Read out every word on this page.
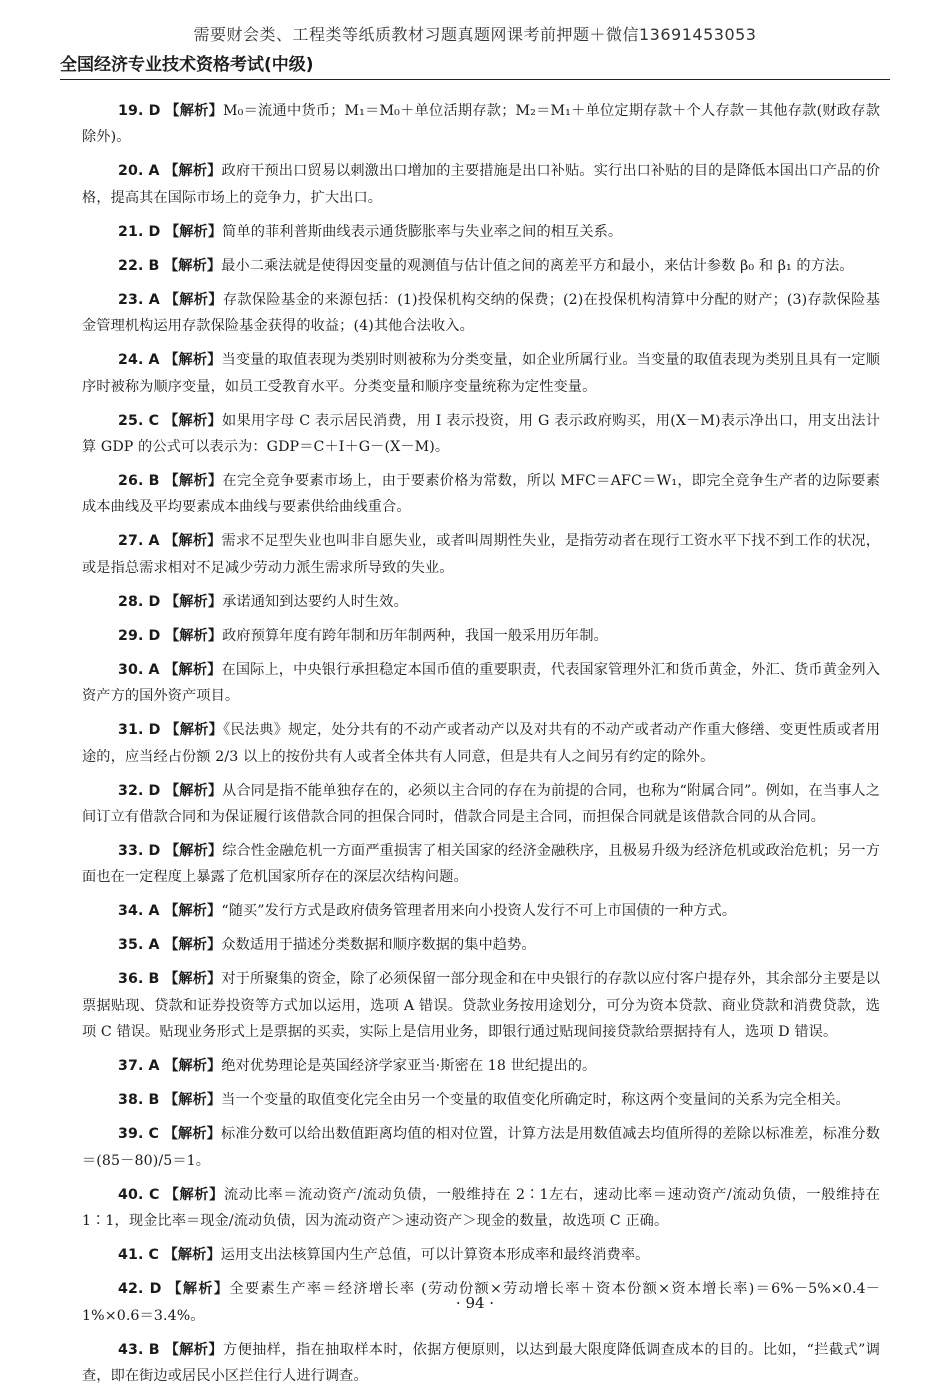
需要财会类、工程类等纸质教材习题真题网课考前押题＋微信13691453053
全国经济专业技术资格考试(中级)

19. D 【解析】M₀＝流通中货币；M₁＝M₀＋单位活期存款；M₂＝M₁＋单位定期存款＋个人存款－其他存款(财政存款除外)。

20. A 【解析】政府干预出口贸易以刺激出口增加的主要措施是出口补贴。实行出口补贴的目的是降低本国出口产品的价格，提高其在国际市场上的竞争力，扩大出口。

21. D 【解析】简单的菲利普斯曲线表示通货膨胀率与失业率之间的相互关系。

22. B 【解析】最小二乘法就是使得因变量的观测值与估计值之间的离差平方和最小，来估计参数 β₀ 和 β₁ 的方法。

23. A 【解析】存款保险基金的来源包括：(1)投保机构交纳的保费；(2)在投保机构清算中分配的财产；(3)存款保险基金管理机构运用存款保险基金获得的收益；(4)其他合法收入。

24. A 【解析】当变量的取值表现为类别时则被称为分类变量，如企业所属行业。当变量的取值表现为类别且具有一定顺序时被称为顺序变量，如员工受教育水平。分类变量和顺序变量统称为定性变量。

25. C 【解析】如果用字母 C 表示居民消费，用 I 表示投资，用 G 表示政府购买，用(X－M)表示净出口，用支出法计算 GDP 的公式可以表示为：GDP＝C＋I＋G－(X－M)。

26. B 【解析】在完全竞争要素市场上，由于要素价格为常数，所以 MFC＝AFC＝W₁，即完全竞争生产者的边际要素成本曲线及平均要素成本曲线与要素供给曲线重合。

27. A 【解析】需求不足型失业也叫非自愿失业，或者叫周期性失业，是指劳动者在现行工资水平下找不到工作的状况，或是指总需求相对不足减少劳动力派生需求所导致的失业。

28. D 【解析】承诺通知到达要约人时生效。

29. D 【解析】政府预算年度有跨年制和历年制两种，我国一般采用历年制。

30. A 【解析】在国际上，中央银行承担稳定本国币值的重要职责，代表国家管理外汇和货币黄金，外汇、货币黄金列入资产方的国外资产项目。

31. D 【解析】《民法典》规定，处分共有的不动产或者动产以及对共有的不动产或者动产作重大修缮、变更性质或者用途的，应当经占份额 2/3 以上的按份共有人或者全体共有人同意，但是共有人之间另有约定的除外。

32. D 【解析】从合同是指不能单独存在的，必须以主合同的存在为前提的合同，也称为“附属合同”。例如，在当事人之间订立有借款合同和为保证履行该借款合同的担保合同时，借款合同是主合同，而担保合同就是该借款合同的从合同。

33. D 【解析】综合性金融危机一方面严重损害了相关国家的经济金融秩序，且极易升级为经济危机或政治危机；另一方面也在一定程度上暴露了危机国家所存在的深层次结构问题。

34. A 【解析】“随买”发行方式是政府债务管理者用来向小投资人发行不可上市国债的一种方式。

35. A 【解析】众数适用于描述分类数据和顺序数据的集中趋势。

36. B 【解析】对于所聚集的资金，除了必须保留一部分现金和在中央银行的存款以应付客户提存外，其余部分主要是以票据贴现、贷款和证券投资等方式加以运用，选项 A 错误。贷款业务按用途划分，可分为资本贷款、商业贷款和消费贷款，选项 C 错误。贴现业务形式上是票据的买卖，实际上是信用业务，即银行通过贴现间接贷款给票据持有人，选项 D 错误。

37. A 【解析】绝对优势理论是英国经济学家亚当·斯密在 18 世纪提出的。

38. B 【解析】当一个变量的取值变化完全由另一个变量的取值变化所确定时，称这两个变量间的关系为完全相关。

39. C 【解析】标准分数可以给出数值距离均值的相对位置，计算方法是用数值减去均值所得的差除以标准差，标准分数＝(85－80)/5＝1。

40. C 【解析】流动比率＝流动资产/流动负债，一般维持在 2∶1左右，速动比率＝速动资产/流动负债，一般维持在 1∶1，现金比率＝现金/流动负债，因为流动资产＞速动资产＞现金的数量，故选项 C 正确。

41. C 【解析】运用支出法核算国内生产总值，可以计算资本形成率和最终消费率。

42. D 【解析】全要素生产率＝经济增长率 (劳动份额×劳动增长率＋资本份额×资本增长率)＝6%－5%×0.4－1%×0.6＝3.4%。

43. B 【解析】方便抽样，指在抽取样本时，依据方便原则，以达到最大限度降低调查成本的目的。比如，“拦截式”调查，即在街边或居民小区拦住行人进行调查。

· 94 ·
